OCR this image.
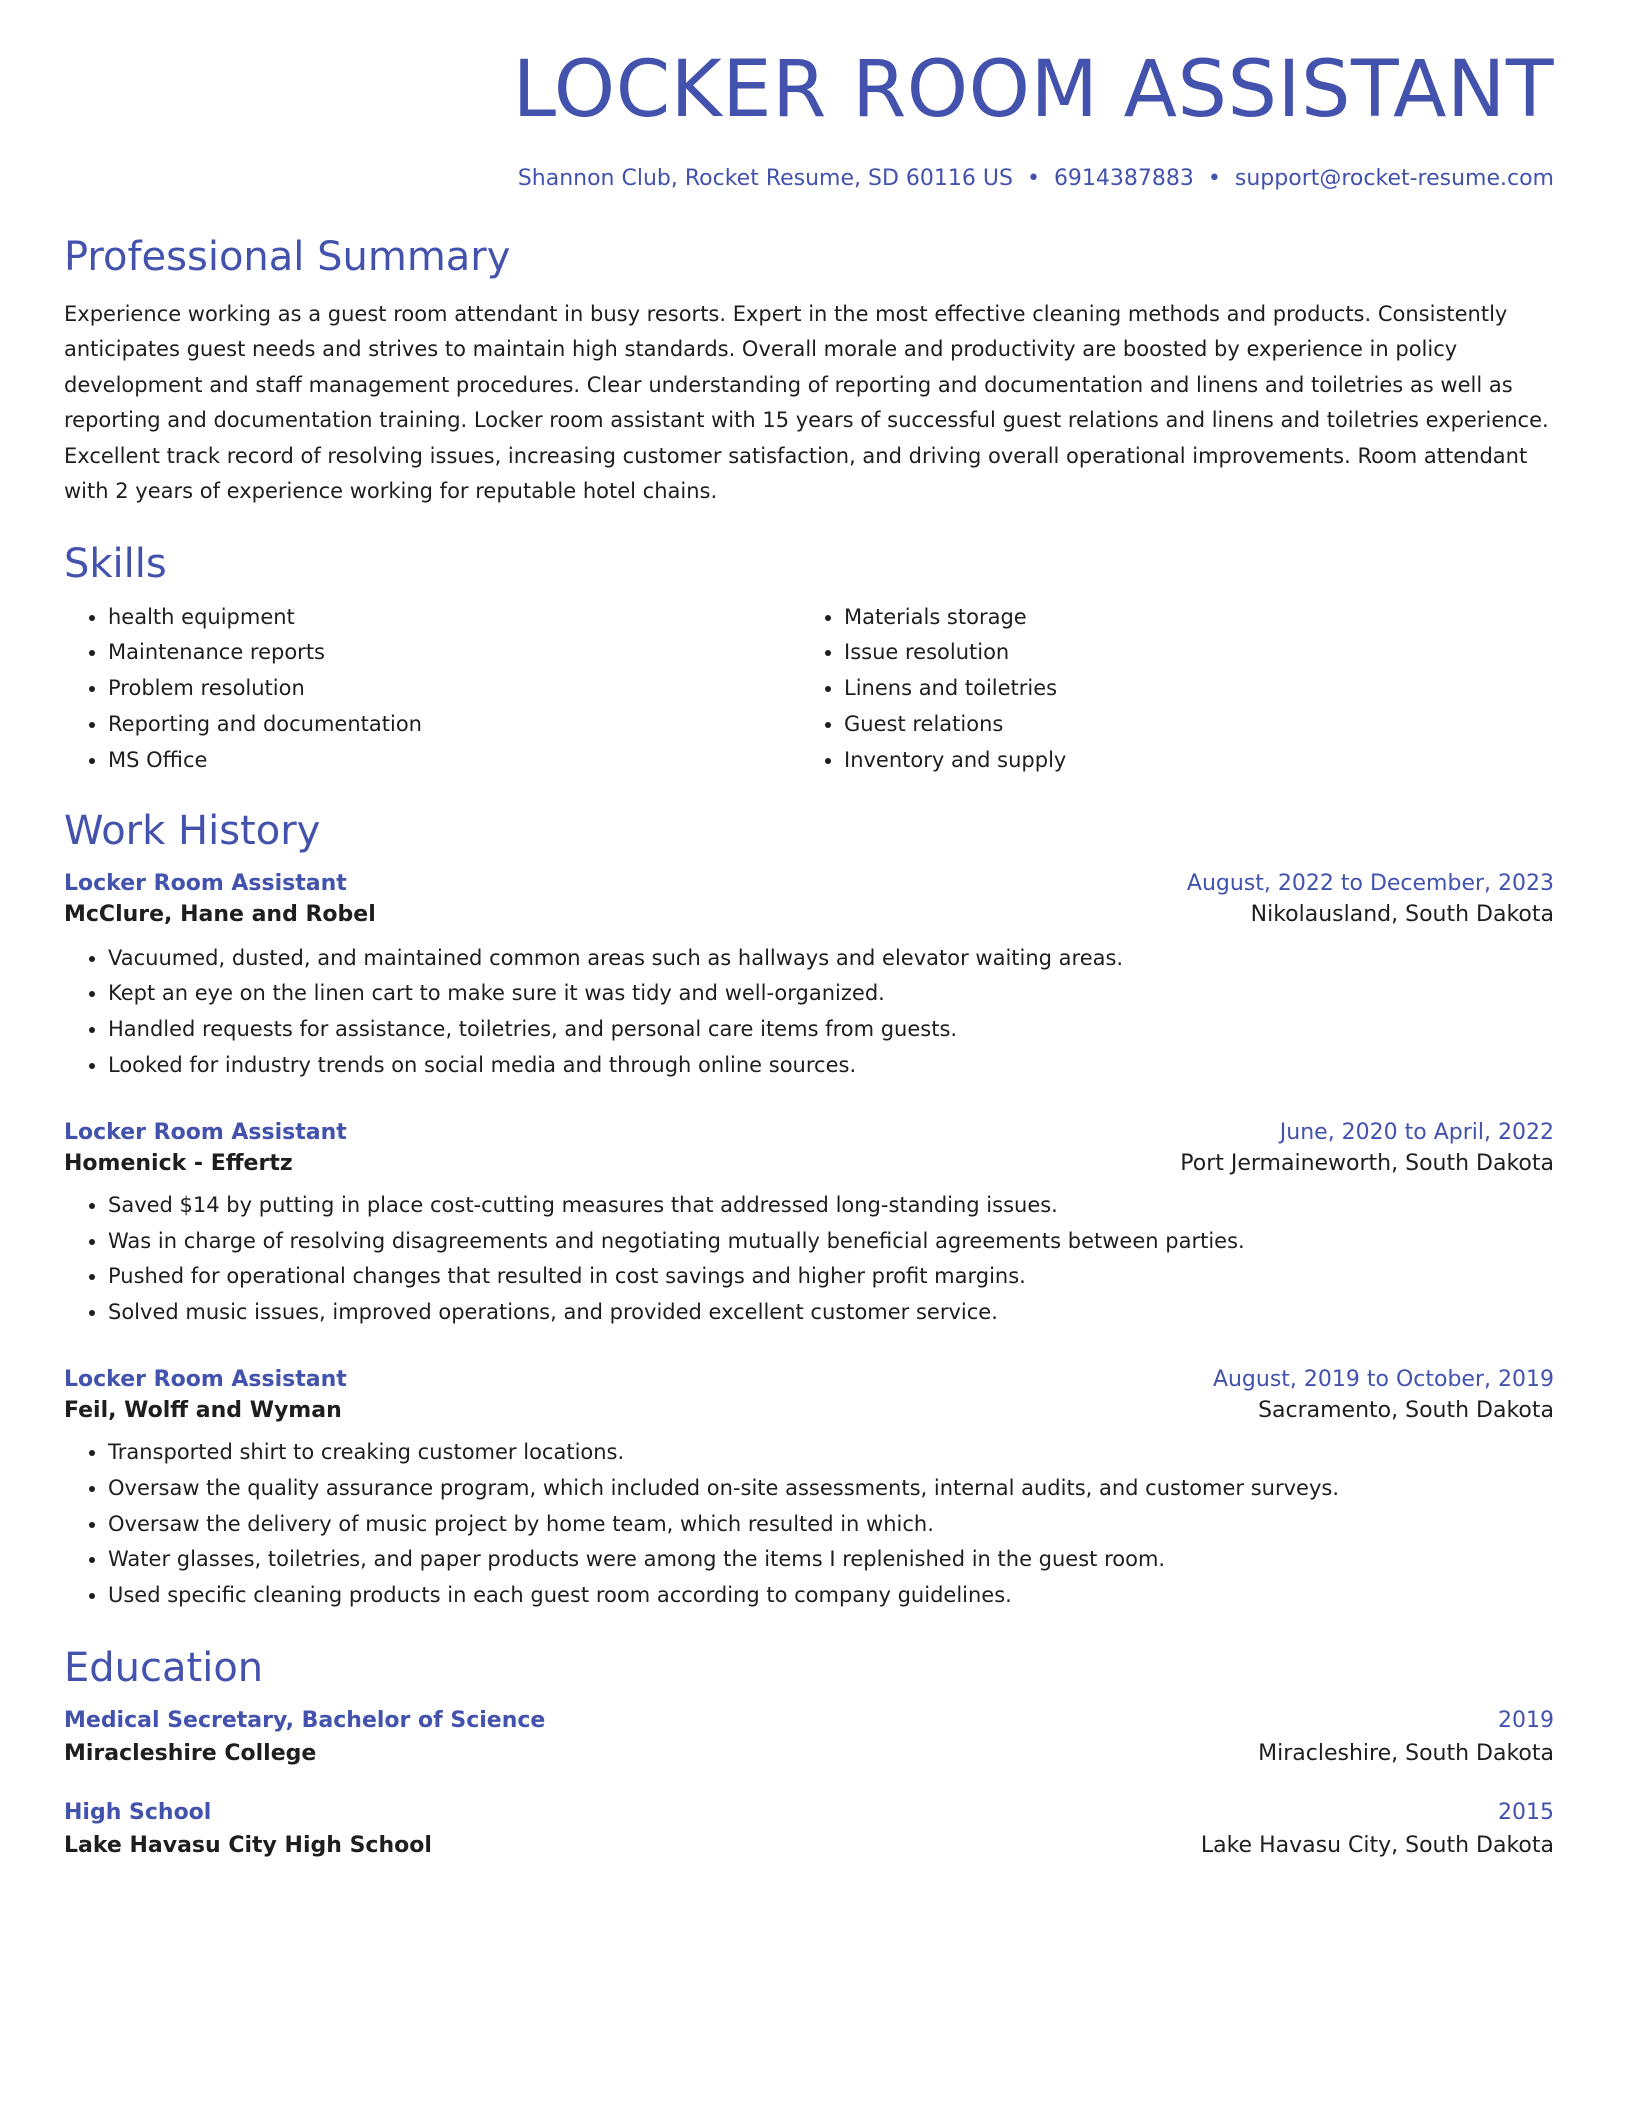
LOCKER ROOM ASSISTANT
Shannon Club, Rocket Resume, SD 60116 US • 6914387883 • support@rocket-resume.com
Professional Summary

Experience working as a guest room attendant in busy resorts. Expert in the most effective cleaning methods and products. Consistently anticipates guest needs and strives to maintain high standards. Overall morale and productivity are boosted by experience in policy development and staff management procedures. Clear understanding of reporting and documentation and linens and toiletries as well as reporting and documentation training. Locker room assistant with 15 years of successful guest relations and linens and toiletries experience. Excellent track record of resolving issues, increasing customer satisfaction, and driving overall operational improvements. Room attendant with 2 years of experience working for reputable hotel chains.

Skills
• health equipment
• Maintenance reports
• Problem resolution
• Reporting and documentation
• MS Office
• Materials storage
• Issue resolution
• Linens and toiletries
• Guest relations
• Inventory and supply
Work History
Locker Room Assistant	August, 2022 to December, 2023
McClure, Hane and Robel	Nikolausland, South Dakota
• Vacuumed, dusted, and maintained common areas such as hallways and elevator waiting areas.
• Kept an eye on the linen cart to make sure it was tidy and well-organized.
• Handled requests for assistance, toiletries, and personal care items from guests.
• Looked for industry trends on social media and through online sources.
Locker Room Assistant	June, 2020 to April, 2022
Homenick - Effertz	Port Jermaineworth, South Dakota
• Saved $14 by putting in place cost-cutting measures that addressed long-standing issues.
• Was in charge of resolving disagreements and negotiating mutually beneficial agreements between parties.
• Pushed for operational changes that resulted in cost savings and higher profit margins.
• Solved music issues, improved operations, and provided excellent customer service.
Locker Room Assistant	August, 2019 to October, 2019
Feil, Wolff and Wyman	Sacramento, South Dakota
• Transported shirt to creaking customer locations.
• Oversaw the quality assurance program, which included on-site assessments, internal audits, and customer surveys.
• Oversaw the delivery of music project by home team, which resulted in which.
• Water glasses, toiletries, and paper products were among the items I replenished in the guest room.
• Used specific cleaning products in each guest room according to company guidelines.
Education
Medical Secretary, Bachelor of Science	2019
Miracleshire College	Miracleshire, South Dakota
High School	2015
Lake Havasu City High School	Lake Havasu City, South Dakota
